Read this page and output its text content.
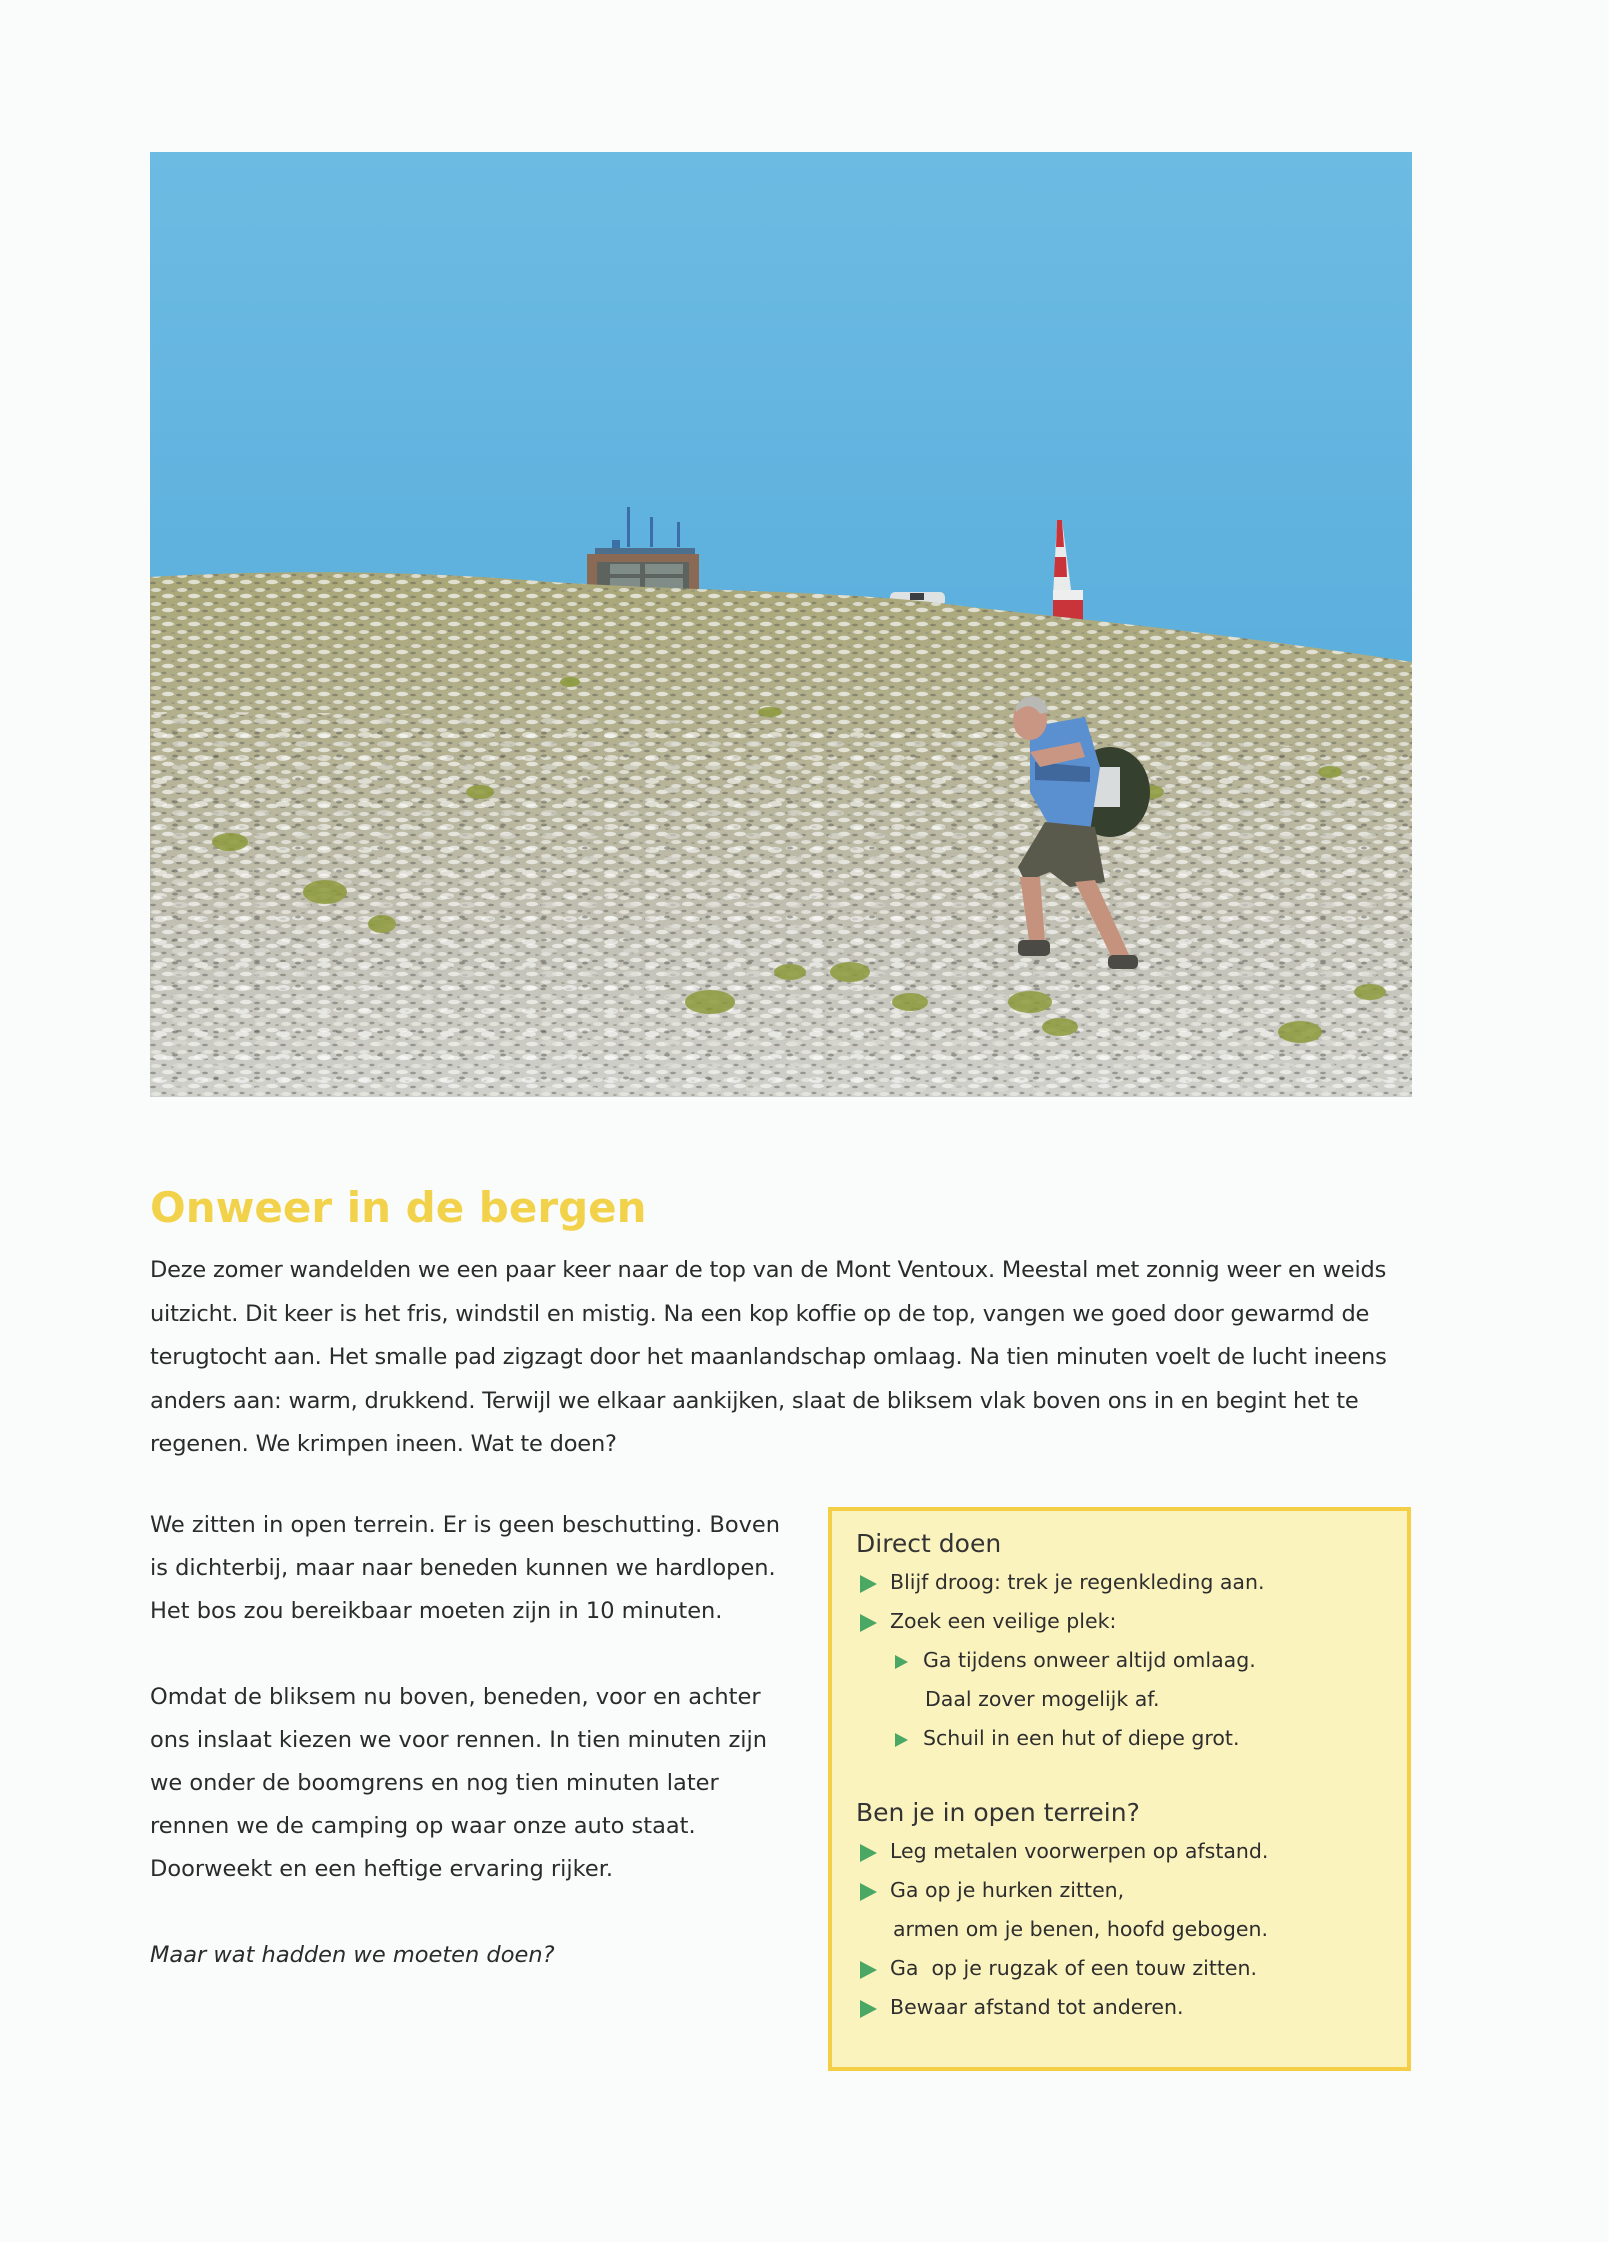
Onweer in de bergen

Deze zomer wandelden we een paar keer naar de top van de Mont Ventoux. Meestal met zonnig weer en weids uitzicht. Dit keer is het fris, windstil en mistig. Na een kop koffie op de top, vangen we goed door gewarmd de terugtocht aan. Het smalle pad zigzagt door het maanlandschap omlaag. Na tien minuten voelt de lucht ineens anders aan: warm, drukkend. Terwijl we elkaar aankijken, slaat de bliksem vlak boven ons in en begint het te regenen. We krimpen ineen. Wat te doen?

We zitten in open terrein. Er is geen beschutting. Boven is dichterbij, maar naar beneden kunnen we hardlopen. Het bos zou bereikbaar moeten zijn in 10 minuten.

Omdat de bliksem nu boven, beneden, voor en achter ons inslaat kiezen we voor rennen. In tien minuten zijn we onder de boomgrens en nog tien minuten later rennen we de camping op waar onze auto staat.

Doorweekt en een heftige ervaring rijker.

Maar wat hadden we moeten doen?

Direct doen
Blijf droog: trek je regenkleding aan.
Zoek een veilige plek:
Ga tijdens onweer altijd omlaag.
Daal zover mogelijk af.
Schuil in een hut of diepe grot.
Ben je in open terrein?
Leg metalen voorwerpen op afstand.
Ga op je hurken zitten,
armen om je benen, hoofd gebogen.
Ga  op je rugzak of een touw zitten.
Bewaar afstand tot anderen.
